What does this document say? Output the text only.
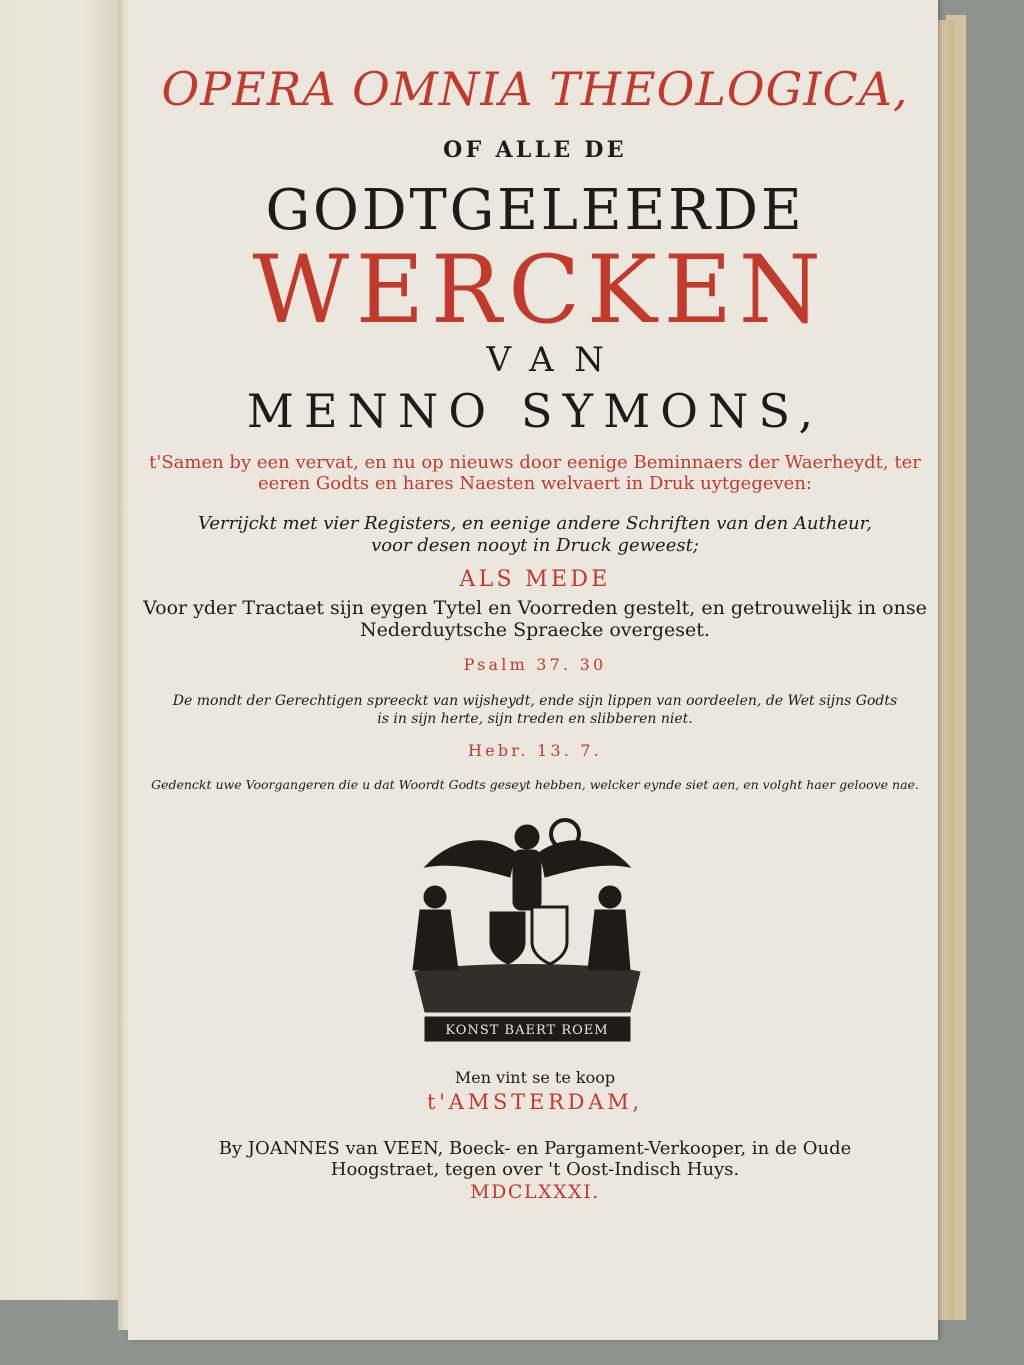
OPERA OMNIA THEOLOGICA,

OF ALLE DE

GODTGELEERDE

WERCKEN

VAN

MENNO SYMONS,

t'Samen by een vervat, en nu op nieuws door eenige Beminnaers der Waerheydt, ter

eeren Godts en hares Naesten welvaert in Druk uytgegeven:

Verrijckt met vier Registers, en eenige andere Schriften van den Autheur,

voor desen nooyt in Druck geweest;

ALS MEDE

Voor yder Tractaet sijn eygen Tytel en Voorreden gestelt, en getrouwelijk in onse

Nederduytsche Spraecke overgeset.

Psalm 37. 30

De mondt der Gerechtigen spreeckt van wijsheydt, ende sijn lippen van oordeelen, de Wet sijns Godts

is in sijn herte, sijn treden en slibberen niet.

Hebr. 13. 7.

Gedenckt uwe Voorgangeren die u dat Woordt Godts geseyt hebben, welcker eynde siet aen, en volght haer geloove nae.

KONST BAERT ROEM

Men vint se te koop

t'AMSTERDAM,

By JOANNES van VEEN, Boeck- en Pargament-Verkooper, in de Oude

Hoogstraet, tegen over 't Oost-Indisch Huys.

MDCLXXXI.
